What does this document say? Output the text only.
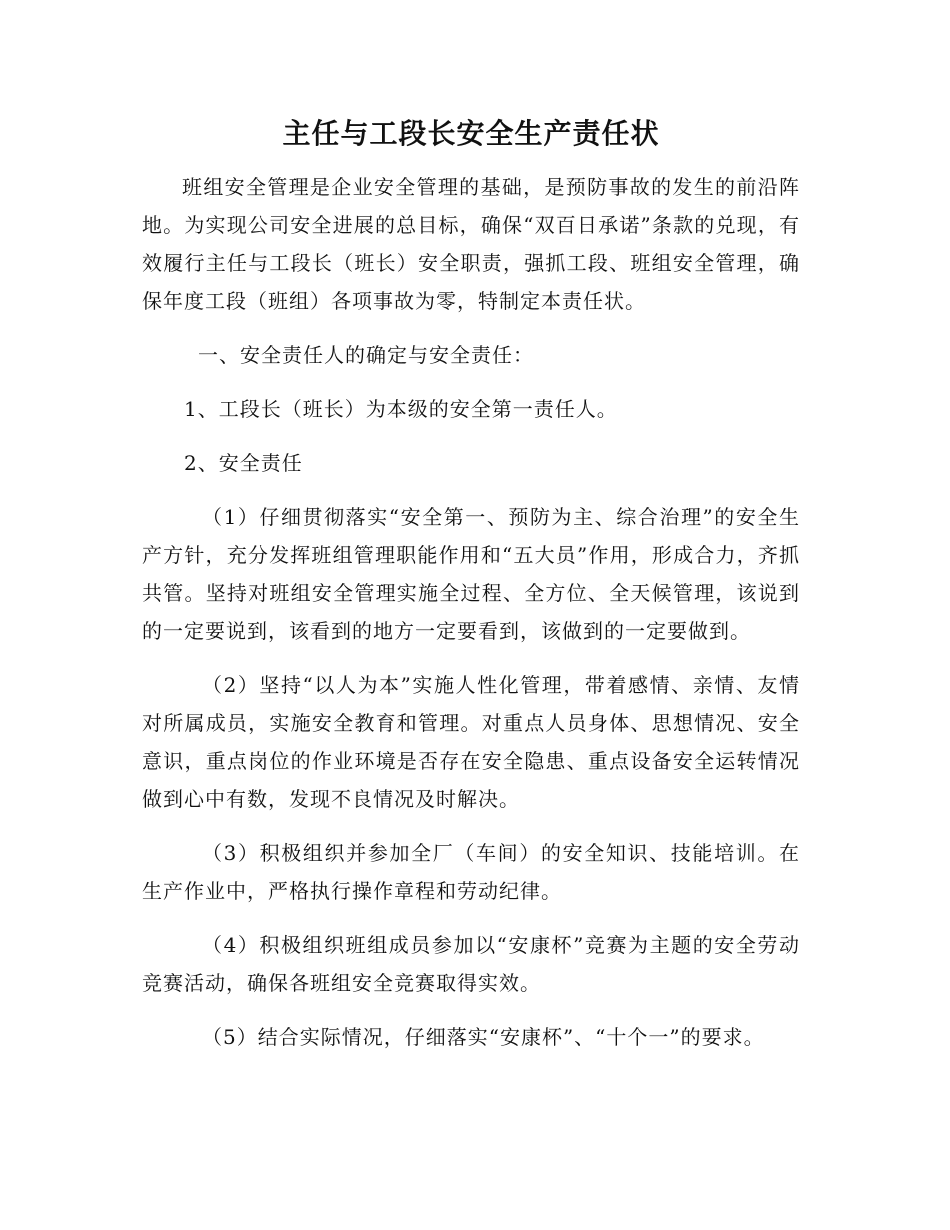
主任与工段长安全生产责任状

班组安全管理是企业安全管理的基础，是预防事故的发生的前沿阵地。为实现公司安全进展的总目标，确保“双百日承诺”条款的兑现，有效履行主任与工段长（班长）安全职责，强抓工段、班组安全管理，确保年度工段（班组）各项事故为零，特制定本责任状。

一、安全责任人的确定与安全责任：

1、工段长（班长）为本级的安全第一责任人。

2、安全责任

（1）仔细贯彻落实“安全第一、预防为主、综合治理”的安全生产方针，充分发挥班组管理职能作用和“五大员”作用，形成合力，齐抓共管。坚持对班组安全管理实施全过程、全方位、全天候管理，该说到的一定要说到，该看到的地方一定要看到，该做到的一定要做到。

（2）坚持“以人为本”实施人性化管理，带着感情、亲情、友情对所属成员，实施安全教育和管理。对重点人员身体、思想情况、安全意识，重点岗位的作业环境是否存在安全隐患、重点设备安全运转情况做到心中有数，发现不良情况及时解决。

（3）积极组织并参加全厂（车间）的安全知识、技能培训。在生产作业中，严格执行操作章程和劳动纪律。

（4）积极组织班组成员参加以“安康杯”竞赛为主题的安全劳动竞赛活动，确保各班组安全竞赛取得实效。

（5）结合实际情况，仔细落实“安康杯”、“十个一”的要求。
